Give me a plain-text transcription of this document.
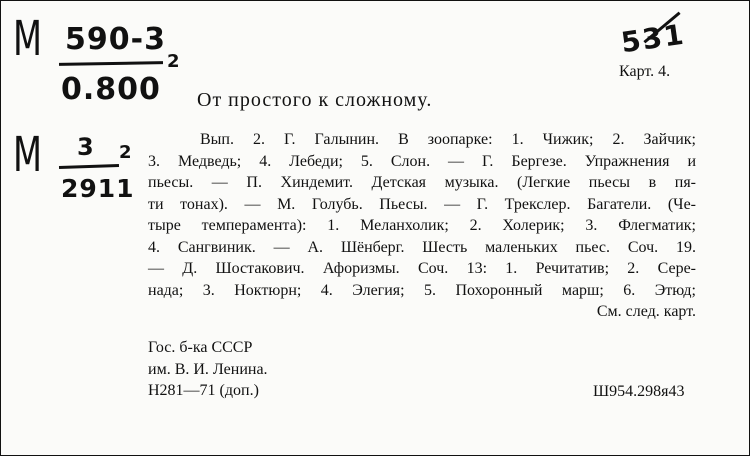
М 590-3
0.800
2
М 3
2911
2
531
Карт. 4.
От простого к сложному.
Вып. 2. Г. Галынин. В зоопарке: 1. Чижик; 2. Зайчик;
3. Медведь; 4. Лебеди; 5. Слон. — Г. Бергезе. Упражнения и
пьесы. — П. Хиндемит. Детская музыка. (Легкие пьесы в пя-
ти тонах). — М. Голубь. Пьесы. — Г. Трекслер. Багатели. (Че-
тыре темперамента): 1. Меланхолик; 2. Холерик; 3. Флегматик;
4. Сангвиник. — А. Шёнберг. Шесть маленьких пьес. Соч. 19.
— Д. Шостакович. Афоризмы. Соч. 13: 1. Речитатив; 2. Сере-
нада; 3. Ноктюрн; 4. Элегия; 5. Похоронный марш; 6. Этюд;
См. след. карт.
Гос. б-ка СССР
им. В. И. Ленина.
Н281—71 (доп.)	Ш954.298я43
